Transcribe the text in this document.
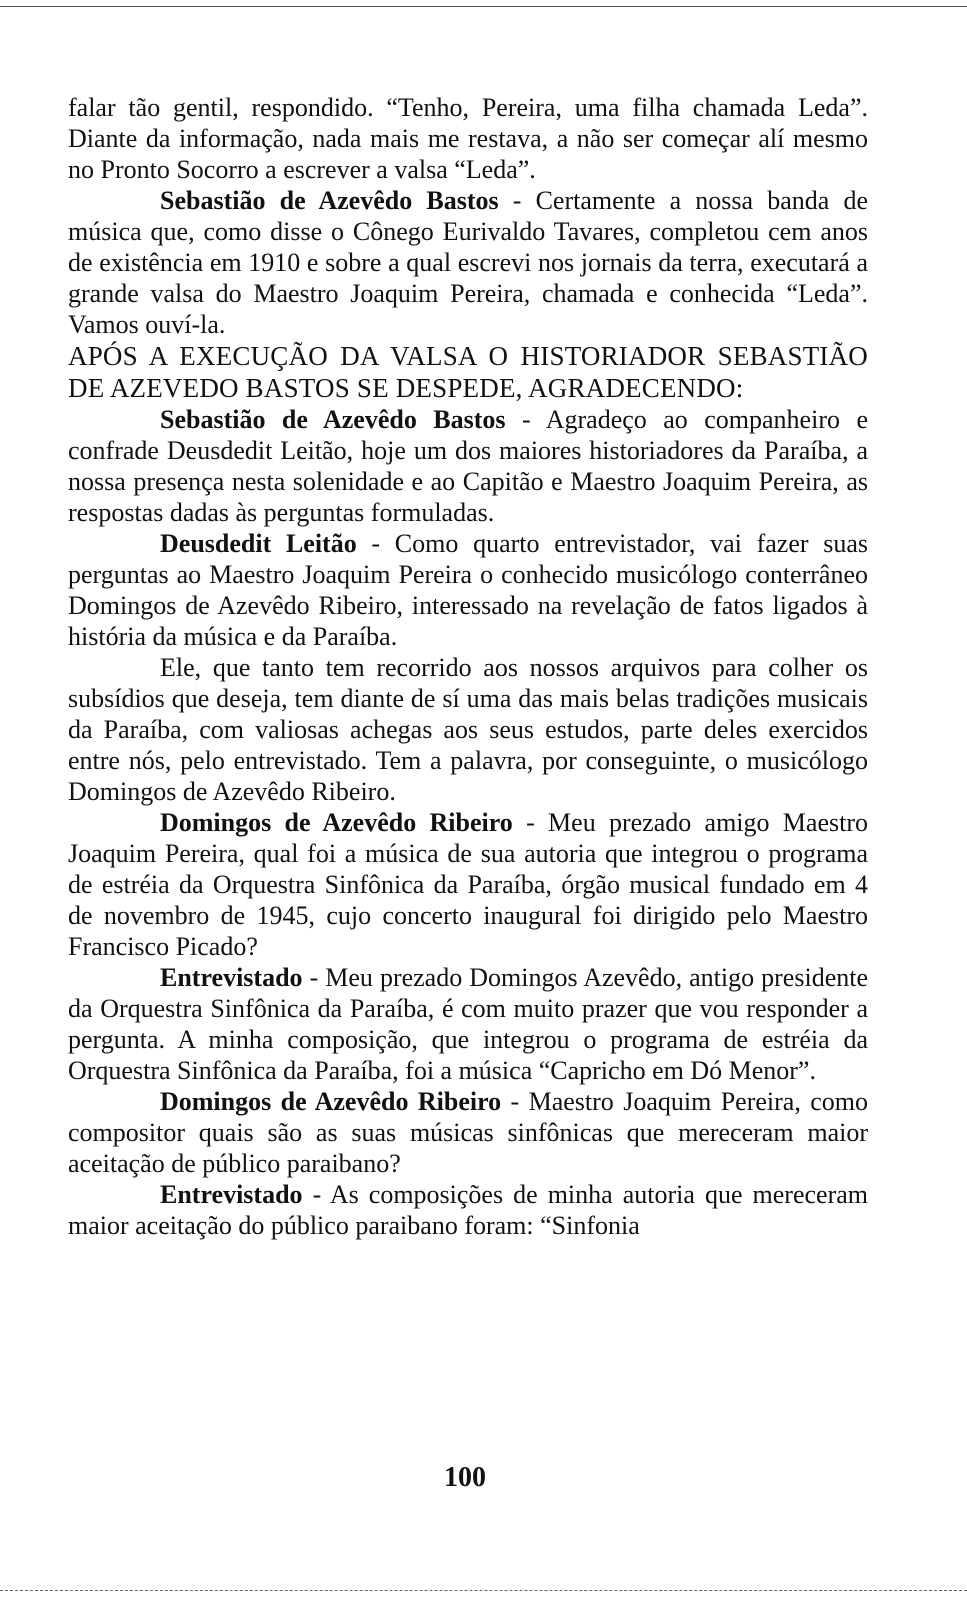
falar tão gentil, respondido. “Tenho, Pereira, uma filha chamada Leda”. Diante da informação, nada mais me restava, a não ser começar alí mesmo no Pronto Socorro a escrever a valsa “Leda”.

Sebastião de Azevêdo Bastos - Certamente a nossa banda de música que, como disse o Cônego Eurivaldo Tavares, completou cem anos de existência em 1910 e sobre a qual escrevi nos jornais da terra, executará a grande valsa do Maestro Joaquim Pereira, chamada e conhecida “Leda”. Vamos ouví-la.

APÓS A EXECUÇÃO DA VALSA O HISTORIADOR SEBASTIÃO DE AZEVEDO BASTOS SE DESPEDE, AGRADECENDO:

Sebastião de Azevêdo Bastos - Agradeço ao companheiro e confrade Deusdedit Leitão, hoje um dos maiores historiadores da Paraíba, a nossa presença nesta solenidade e ao Capitão e Maestro Joaquim Pereira, as respostas dadas às perguntas formuladas.

Deusdedit Leitão - Como quarto entrevistador, vai fazer suas perguntas ao Maestro Joaquim Pereira o conhecido musicólogo conterrâneo Domingos de Azevêdo Ribeiro, interessado na revelação de fatos ligados à história da música e da Paraíba.

Ele, que tanto tem recorrido aos nossos arquivos para colher os subsídios que deseja, tem diante de sí uma das mais belas tradições musicais da Paraíba, com valiosas achegas aos seus estudos, parte deles exercidos entre nós, pelo entrevistado. Tem a palavra, por conseguinte, o musicólogo Domingos de Azevêdo Ribeiro.

Domingos de Azevêdo Ribeiro - Meu prezado amigo Maestro Joaquim Pereira, qual foi a música de sua autoria que integrou o programa de estréia da Orquestra Sinfônica da Paraíba, órgão musical fundado em 4 de novembro de 1945, cujo concerto inaugural foi dirigido pelo Maestro Francisco Picado?

Entrevistado - Meu prezado Domingos Azevêdo, antigo presidente da Orquestra Sinfônica da Paraíba, é com muito prazer que vou responder a pergunta. A minha composição, que integrou o programa de estréia da Orquestra Sinfônica da Paraíba, foi a música “Capricho em Dó Menor”.

Domingos de Azevêdo Ribeiro - Maestro Joaquim Pereira, como compositor quais são as suas músicas sinfônicas que mereceram maior aceitação de público paraibano?

Entrevistado - As composições de minha autoria que mereceram maior aceitação do público paraibano foram: “Sinfonia

100
